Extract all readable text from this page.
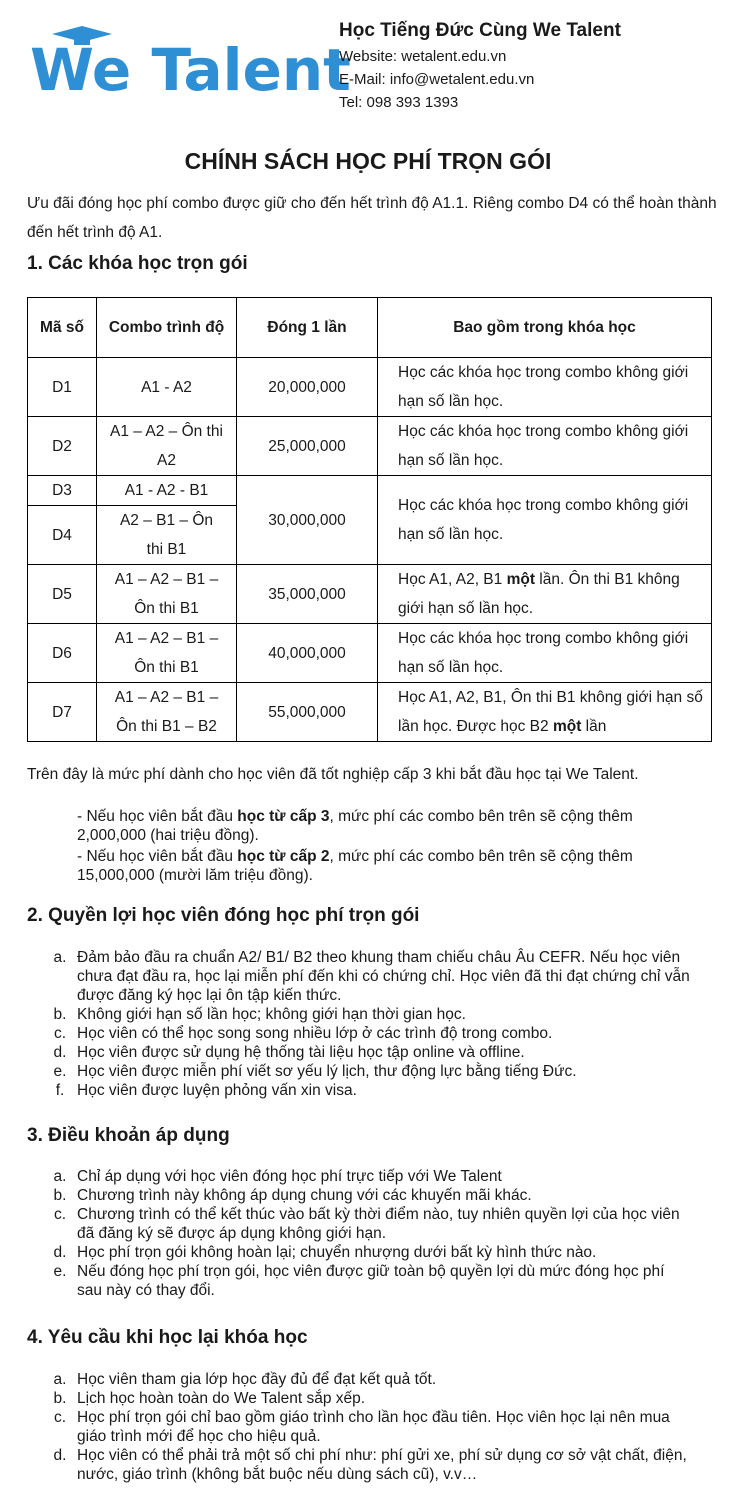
We Talent

Học Tiếng Đức Cùng We Talent

Website: wetalent.edu.vn

E-Mail: info@wetalent.edu.vn

Tel: 098 393 1393

CHÍNH SÁCH HỌC PHÍ TRỌN GÓI

Ưu đãi đóng học phí combo được giữ cho đến hết trình độ A1.1. Riêng combo D4 có thể hoàn thành đến hết trình độ A1.

1. Các khóa học trọn gói
Mã số	Combo trình độ	Đóng 1 lần	Bao gồm trong khóa học
D1	A1 - A2	20,000,000	Học các khóa học trong combo không giới hạn số lần học.
D2	A1 – A2 – Ôn thi A2	25,000,000	Học các khóa học trong combo không giới hạn số lần học.
D3	A1 - A2 - B1	30,000,000	Học các khóa học trong combo không giới hạn số lần học.
D4	A2 – B1 – Ôn thi B1		
D5	A1 – A2 – B1 – Ôn thi B1	35,000,000	Học A1, A2, B1 một lần. Ôn thi B1 không giới hạn số lần học.
D6	A1 – A2 – B1 – Ôn thi B1	40,000,000	Học các khóa học trong combo không giới hạn số lần học.
D7	A1 – A2 – B1 – Ôn thi B1 – B2	55,000,000	Học A1, A2, B1, Ôn thi B1 không giới hạn số lần học. Được học B2 một lần

Trên đây là mức phí dành cho học viên đã tốt nghiệp cấp 3 khi bắt đầu học tại We Talent.

- Nếu học viên bắt đầu học từ cấp 3, mức phí các combo bên trên sẽ cộng thêm 2,000,000 (hai triệu đồng).

- Nếu học viên bắt đầu học từ cấp 2, mức phí các combo bên trên sẽ cộng thêm 15,000,000 (mười lăm triệu đồng).

2. Quyền lợi học viên đóng học phí trọn gói
a. Đảm bảo đầu ra chuẩn A2/ B1/ B2 theo khung tham chiếu châu Âu CEFR. Nếu học viên chưa đạt đầu ra, học lại miễn phí đến khi có chứng chỉ. Học viên đã thi đạt chứng chỉ vẫn được đăng ký học lại ôn tập kiến thức.
b. Không giới hạn số lần học; không giới hạn thời gian học.
c. Học viên có thể học song song nhiều lớp ở các trình độ trong combo.
d. Học viên được sử dụng hệ thống tài liệu học tập online và offline.
e. Học viên được miễn phí viết sơ yếu lý lịch, thư động lực bằng tiếng Đức.
f. Học viên được luyện phỏng vấn xin visa.
3. Điều khoản áp dụng
a. Chỉ áp dụng với học viên đóng học phí trực tiếp với We Talent
b. Chương trình này không áp dụng chung với các khuyến mãi khác.
c. Chương trình có thể kết thúc vào bất kỳ thời điểm nào, tuy nhiên quyền lợi của học viên đã đăng ký sẽ được áp dụng không giới hạn.
d. Học phí trọn gói không hoàn lại; chuyển nhượng dưới bất kỳ hình thức nào.
e. Nếu đóng học phí trọn gói, học viên được giữ toàn bộ quyền lợi dù mức đóng học phí sau này có thay đổi.
4. Yêu cầu khi học lại khóa học
a. Học viên tham gia lớp học đầy đủ để đạt kết quả tốt.
b. Lịch học hoàn toàn do We Talent sắp xếp.
c. Học phí trọn gói chỉ bao gồm giáo trình cho lần học đầu tiên. Học viên học lại nên mua giáo trình mới để học cho hiệu quả.
d. Học viên có thể phải trả một số chi phí như: phí gửi xe, phí sử dụng cơ sở vật chất, điện, nước, giáo trình (không bắt buộc nếu dùng sách cũ), v.v…
